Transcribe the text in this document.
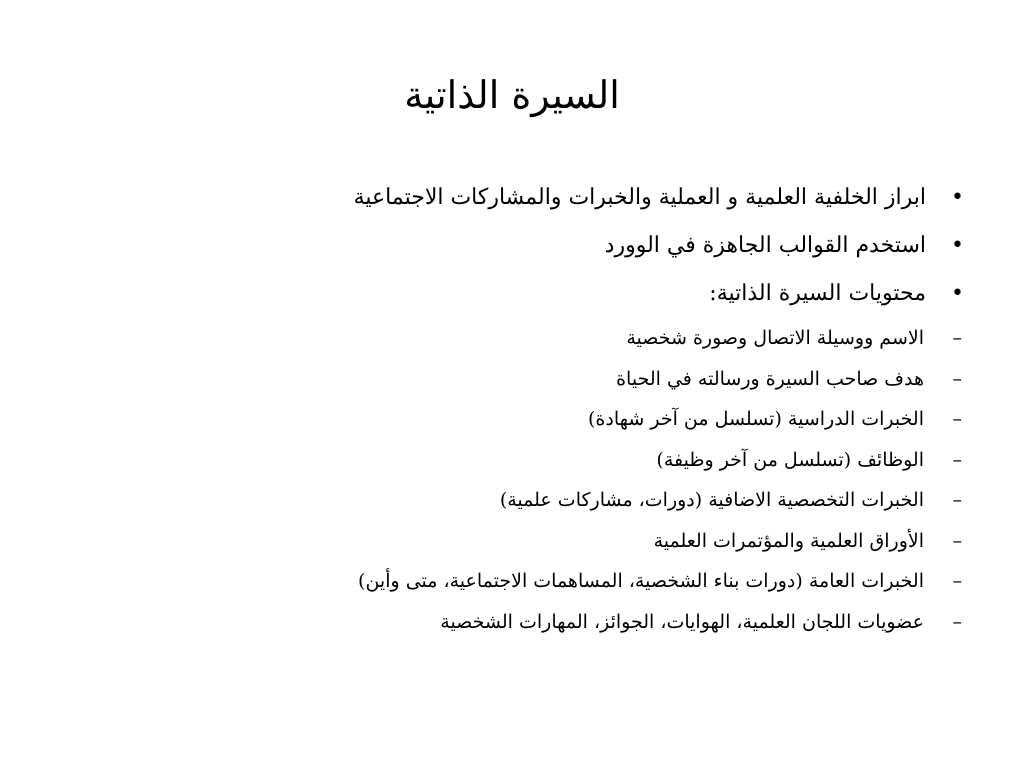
السيرة الذاتية
•
ابراز الخلفية العلمية و العملية والخبرات والمشاركات الاجتماعية
•
استخدم القوالب الجاهزة في الوورد
•
محتويات السيرة الذاتية:
–
الاسم ووسيلة الاتصال وصورة شخصية
–
هدف صاحب السيرة ورسالته في الحياة
–
الخبرات الدراسية (تسلسل من آخر شهادة)
–
الوظائف (تسلسل من آخر وظيفة)
–
الخبرات التخصصية الاضافية (دورات، مشاركات علمية)
–
الأوراق العلمية والمؤتمرات العلمية
–
الخبرات العامة (دورات بناء الشخصية، المساهمات الاجتماعية، متى وأين)
–
عضويات اللجان العلمية، الهوايات، الجوائز، المهارات الشخصية
